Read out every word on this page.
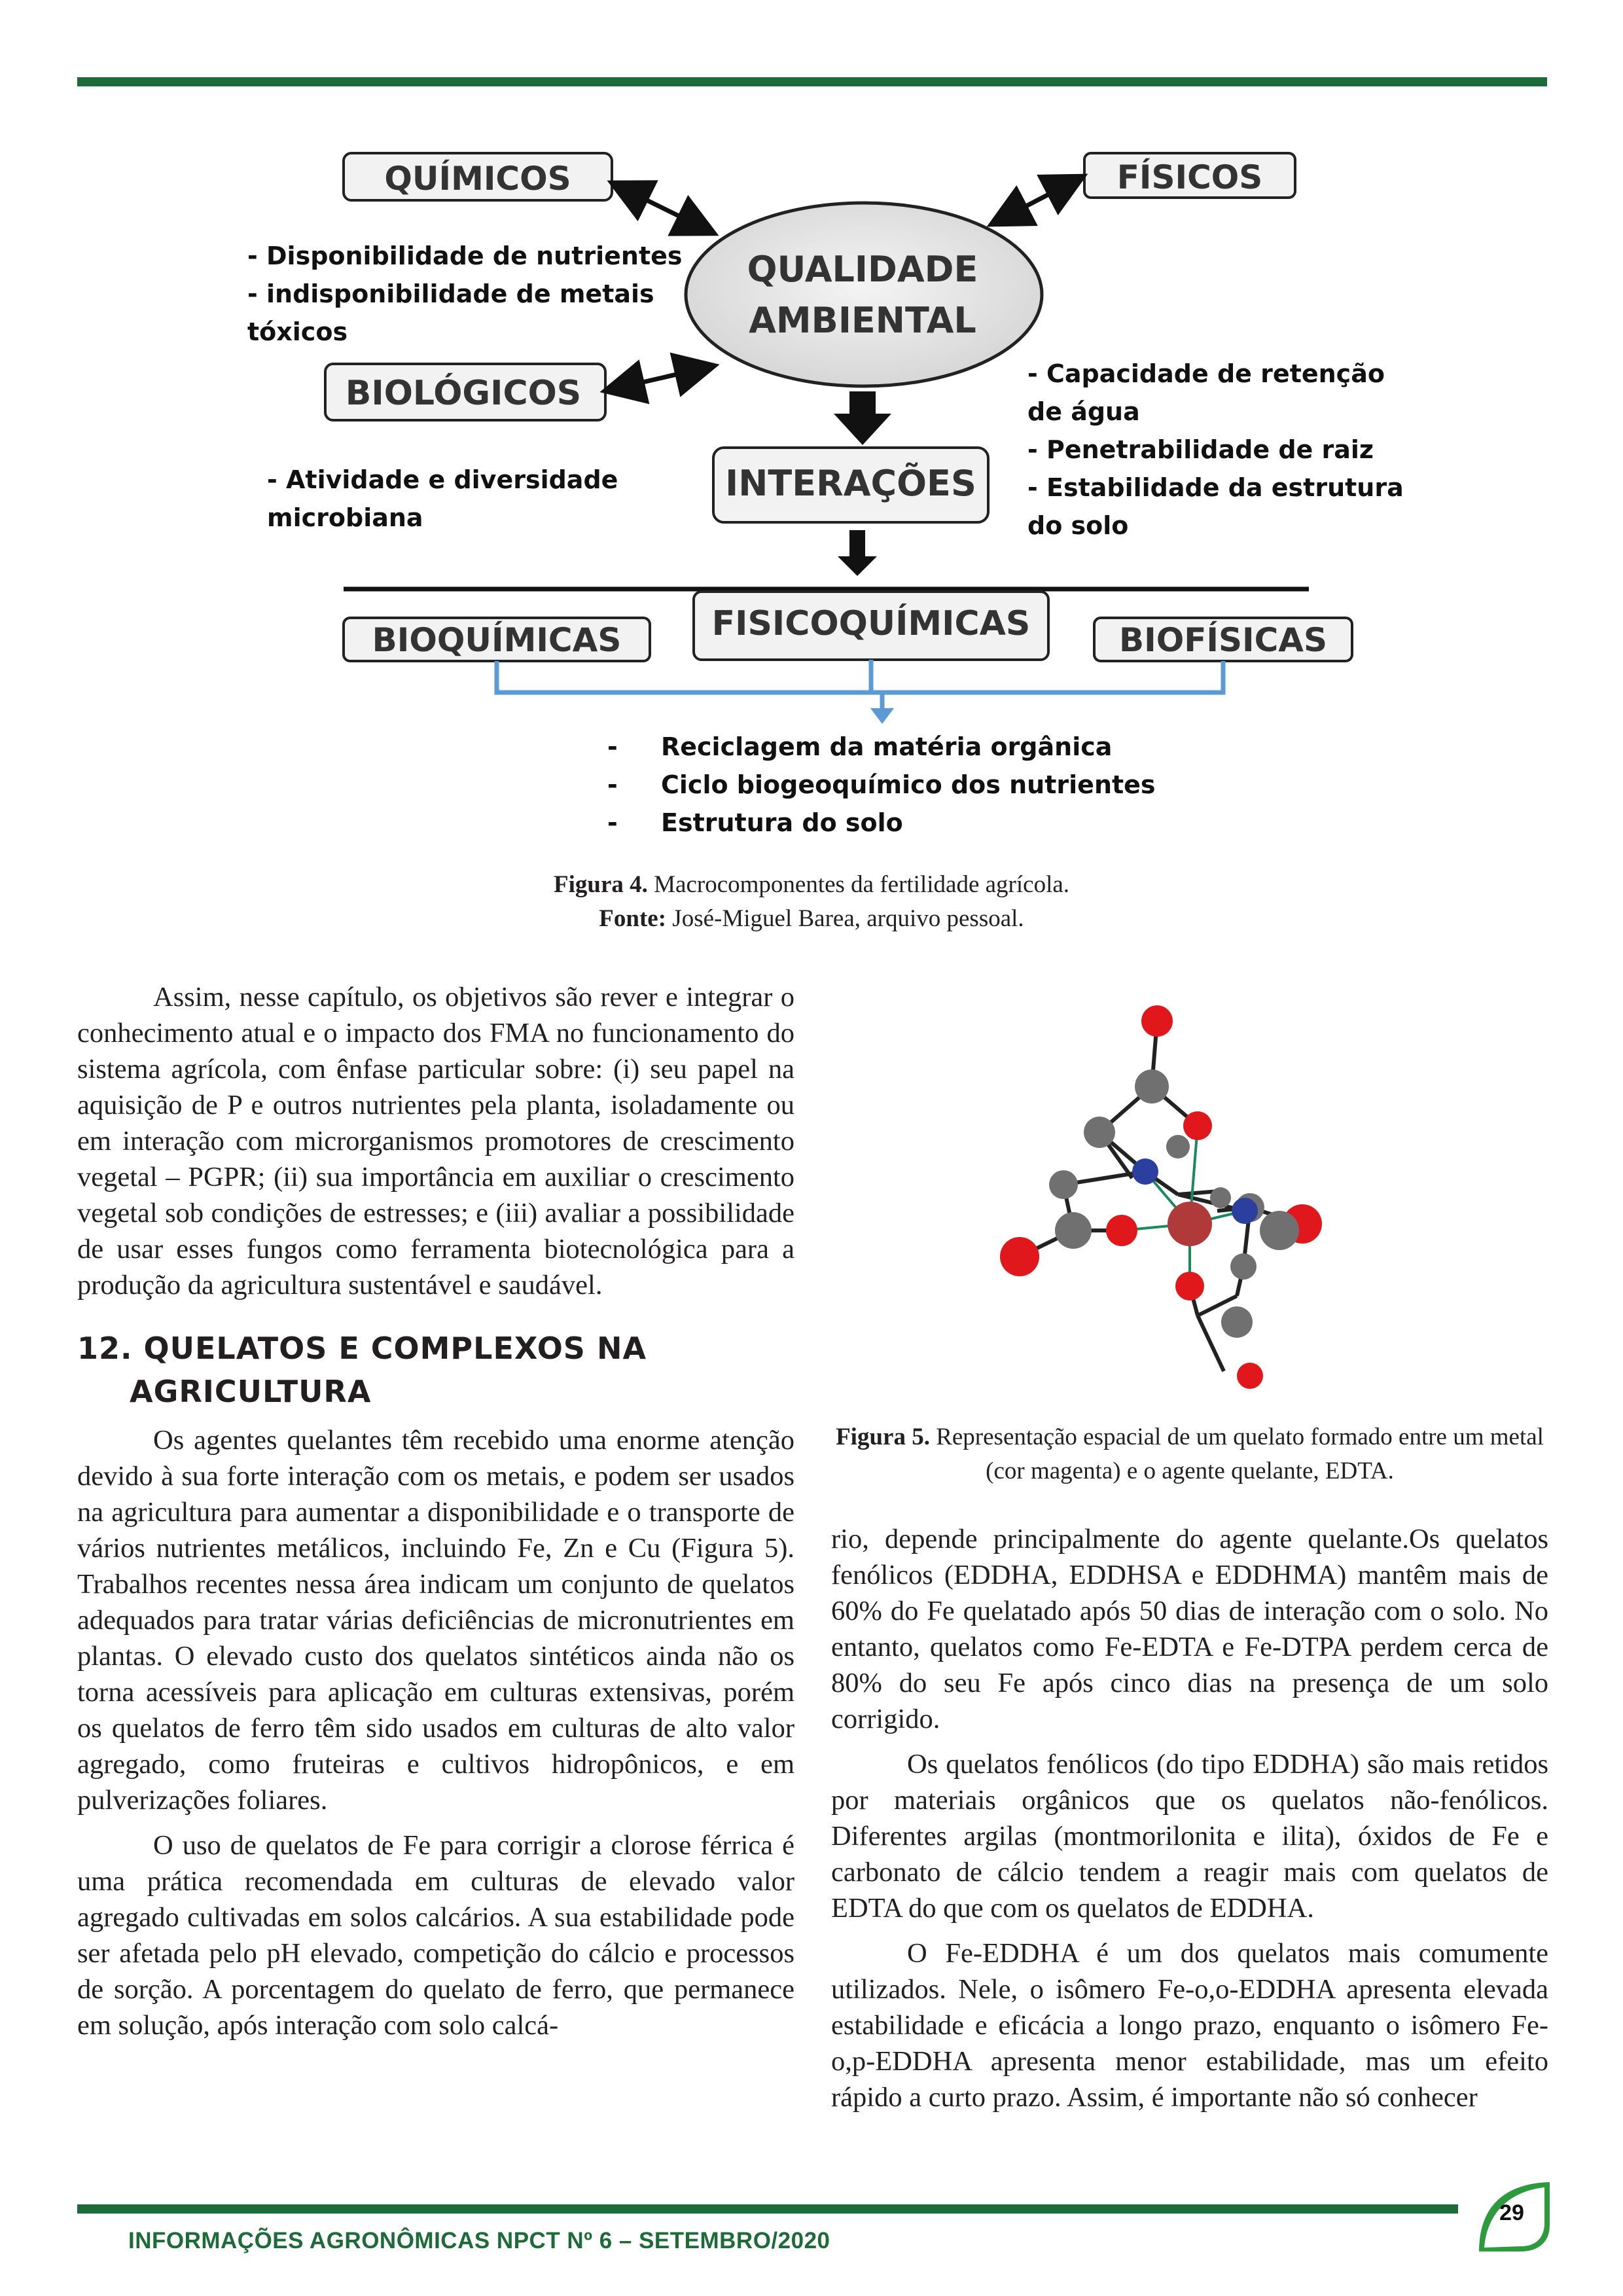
QUÍMICOS	FÍSICOS
QUALIDADE
AMBIENTAL
BIOLÓGICOS
INTERAÇÕES
- Disponibilidade de nutrientes
- indisponibilidade de metais
tóxicos
- Atividade e diversidade
microbiana
- Capacidade de retenção
de água
- Penetrabilidade de raiz
- Estabilidade da estrutura
do solo
BIOQUÍMICAS	FISICOQUÍMICAS	BIOFÍSICAS
- Reciclagem da matéria orgânica
- Ciclo biogeoquímico dos nutrientes
- Estrutura do solo
Figura 4. Macrocomponentes da fertilidade agrícola.
Fonte: José-Miguel Barea, arquivo pessoal.

Assim, nesse capítulo, os objetivos são rever e integrar o conhecimento atual e o impacto dos FMA no funcionamento do sistema agrícola, com ênfase particular sobre: (i) seu papel na aquisição de P e outros nutrientes pela planta, isoladamente ou em interação com microrganismos promotores de crescimento vegetal – PGPR; (ii) sua importância em auxiliar o crescimento vegetal sob condições de estresses; e (iii) avaliar a possibilidade de usar esses fungos como ferramenta biotecnológica para a produção da agricultura sustentável e saudável.

12. QUELATOS E COMPLEXOS NA
AGRICULTURA

Os agentes quelantes têm recebido uma enorme atenção devido à sua forte interação com os metais, e podem ser usados na agricultura para aumentar a disponibilidade e o transporte de vários nutrientes metálicos, incluindo Fe, Zn e Cu (Figura 5). Trabalhos recentes nessa área indicam um conjunto de quelatos adequados para tratar várias deficiências de micronutrientes em plantas. O elevado custo dos quelatos sintéticos ainda não os torna acessíveis para aplicação em culturas extensivas, porém os quelatos de ferro têm sido usados em culturas de alto valor agregado, como fruteiras e cultivos hidropônicos, e em pulverizações foliares.

O uso de quelatos de Fe para corrigir a clorose férrica é uma prática recomendada em culturas de elevado valor agregado cultivadas em solos calcários. A sua estabilidade pode ser afetada pelo pH elevado, competição do cálcio e processos de sorção. A porcentagem do quelato de ferro, que permanece em solução, após interação com solo calcá-

Figura 5. Representação espacial de um quelato formado entre um metal (cor magenta) e o agente quelante, EDTA.

rio, depende principalmente do agente quelante.Os quelatos fenólicos (EDDHA, EDDHSA e EDDHMA) mantêm mais de 60% do Fe quelatado após 50 dias de interação com o solo. No entanto, quelatos como Fe-EDTA e Fe-DTPA perdem cerca de 80% do seu Fe após cinco dias na presença de um solo corrigido.

Os quelatos fenólicos (do tipo EDDHA) são mais retidos por materiais orgânicos que os quelatos não-fenólicos. Diferentes argilas (montmorilonita e ilita), óxidos de Fe e carbonato de cálcio tendem a reagir mais com quelatos de EDTA do que com os quelatos de EDDHA.

O Fe-EDDHA é um dos quelatos mais comumente utilizados. Nele, o isômero Fe-o,o-EDDHA apresenta elevada estabilidade e eficácia a longo prazo, enquanto o isômero Fe-o,p-EDDHA apresenta menor estabilidade, mas um efeito rápido a curto prazo. Assim, é importante não só conhecer

29
INFORMAÇÕES AGRONÔMICAS NPCT Nº 6 – SETEMBRO/2020
